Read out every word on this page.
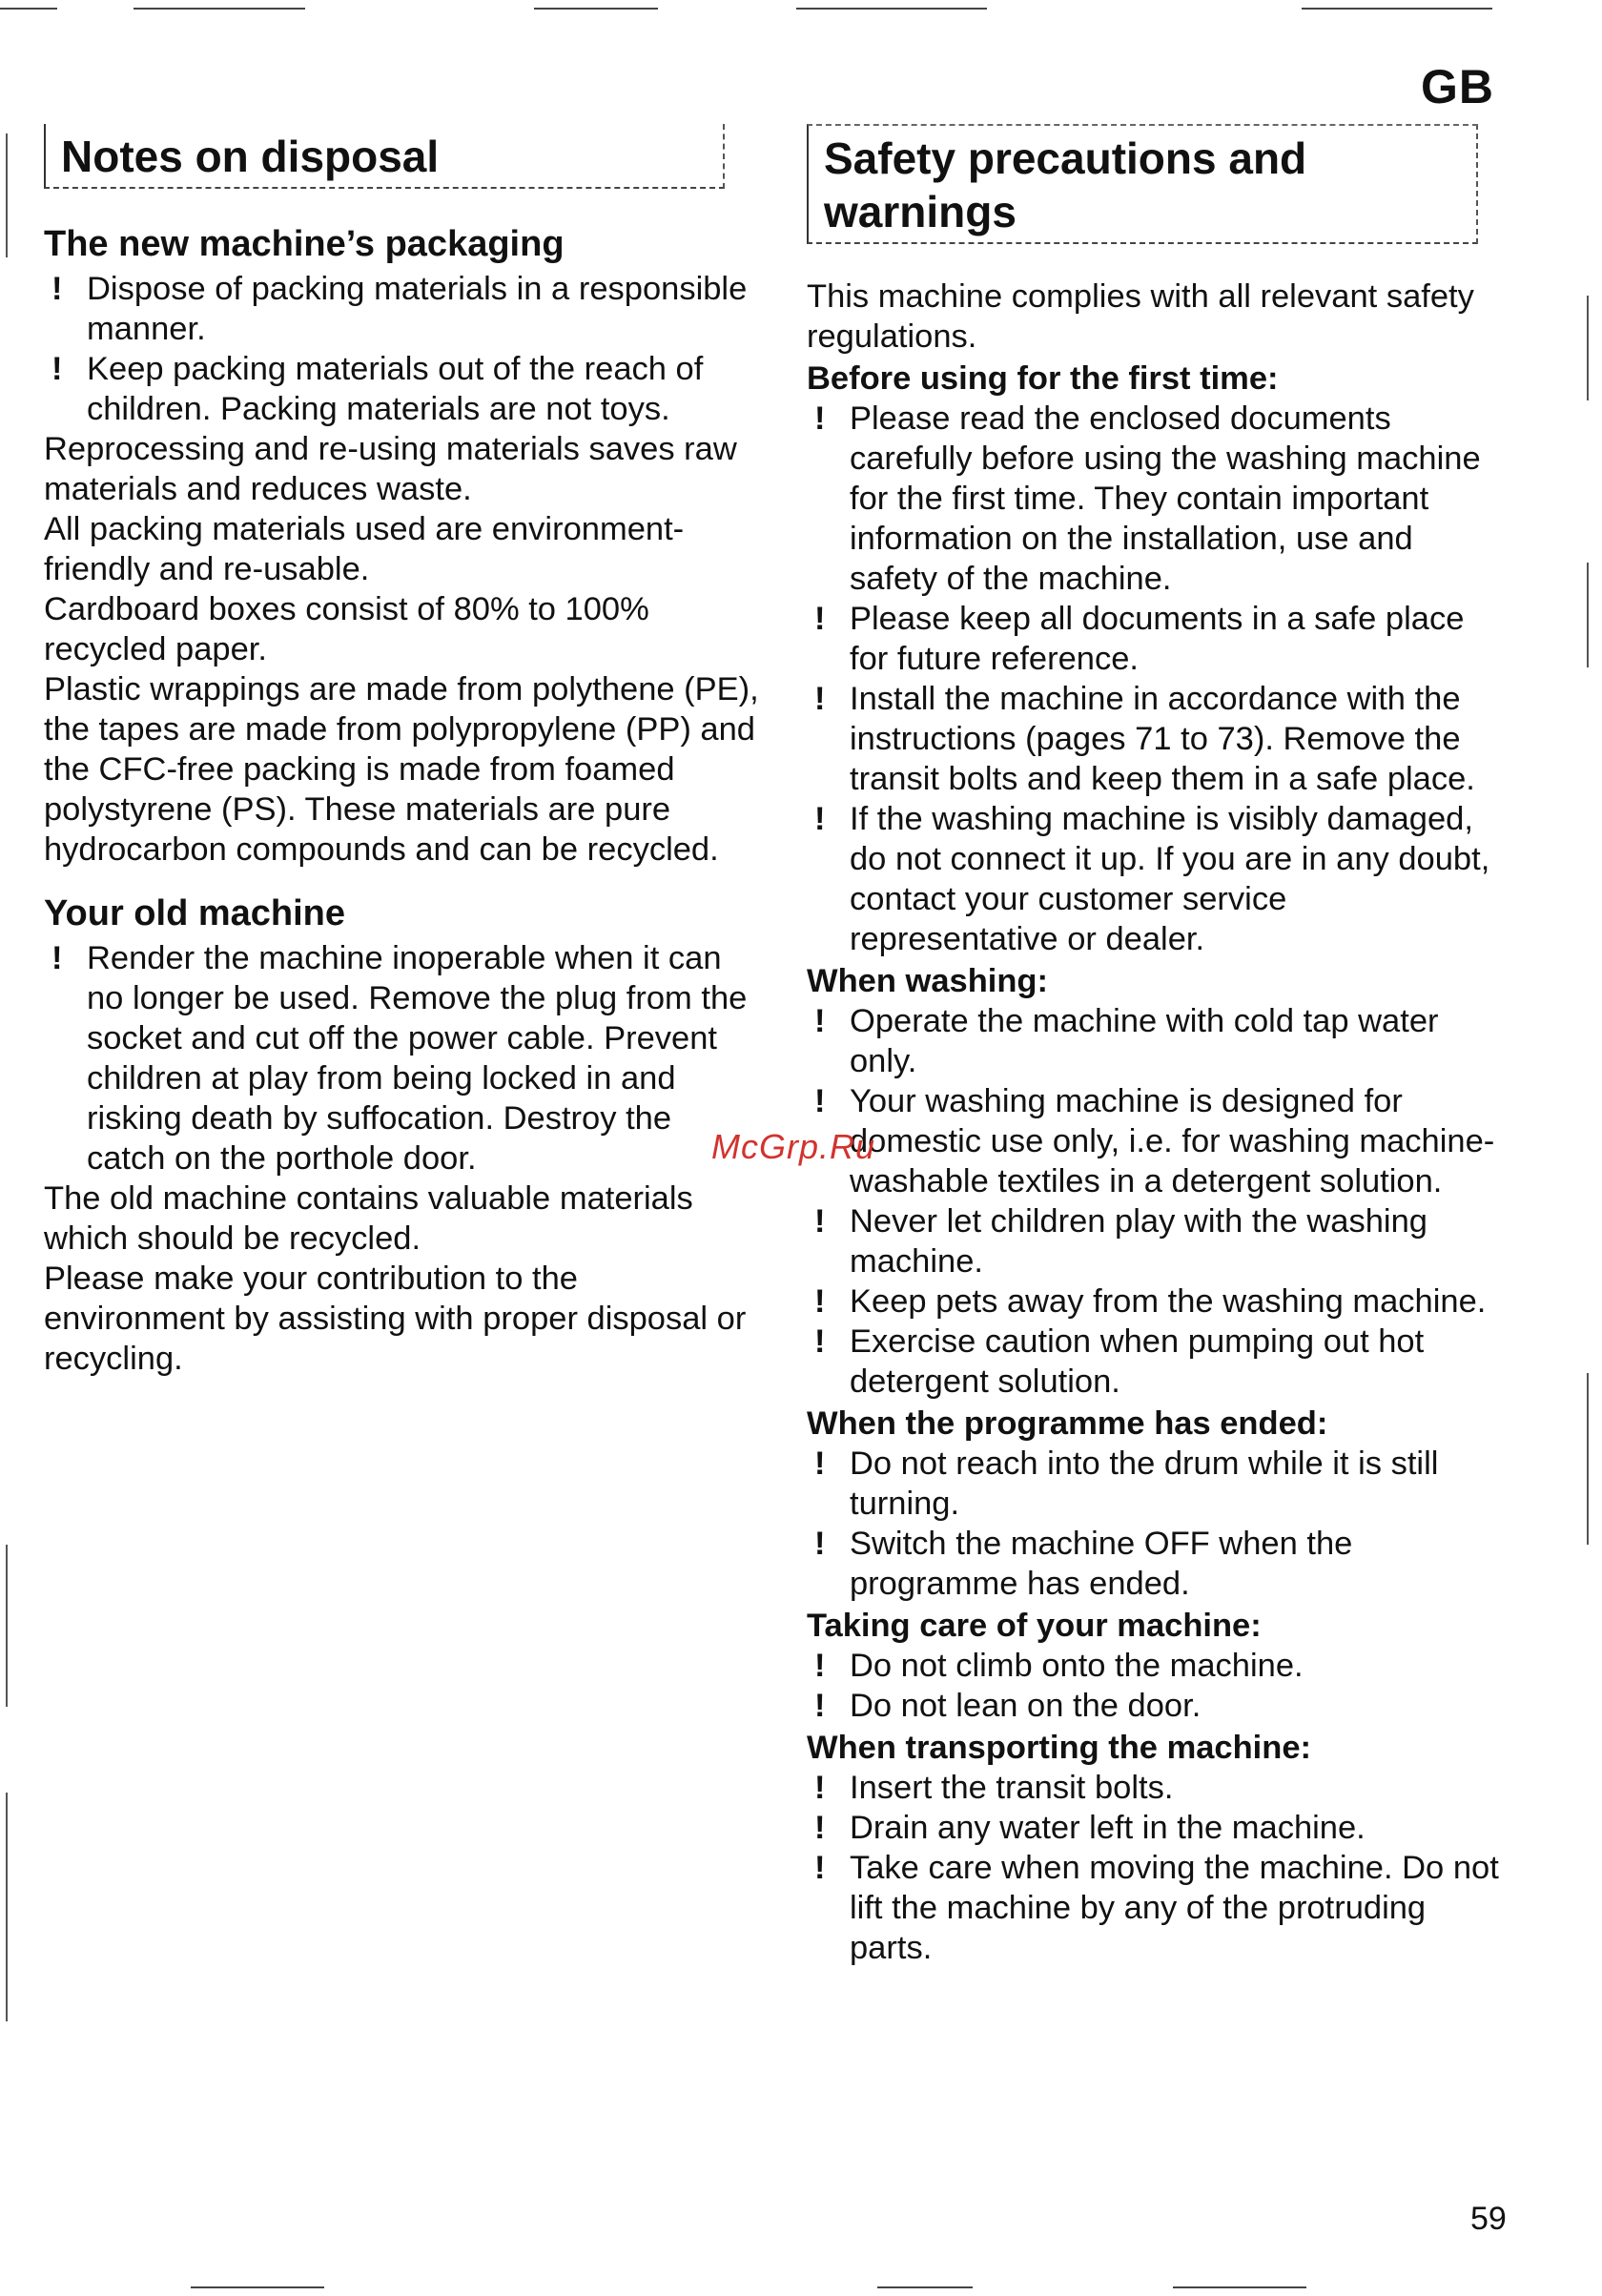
GB
Notes on disposal
The new machine’s packaging
! Dispose of packing materials in a responsible manner.
! Keep packing materials out of the reach of children. Packing materials are not toys.

Reprocessing and re-using materials saves raw materials and reduces waste.

All packing materials used are environment-friendly and re-usable.

Cardboard boxes consist of 80% to 100% recycled paper.

Plastic wrappings are made from polythene (PE), the tapes are made from polypropylene (PP) and the CFC-free packing is made from foamed polystyrene (PS). These materials are pure hydrocarbon compounds and can be recycled.

Your old machine
! Render the machine inoperable when it can no longer be used. Remove the plug from the socket and cut off the power cable. Prevent children at play from being locked in and risking death by suffocation. Destroy the catch on the porthole door.

The old machine contains valuable materials which should be recycled.

Please make your contribution to the environment by assisting with proper disposal or recycling.

Safety precautions and warnings

This machine complies with all relevant safety regulations.

Before using for the first time:
! Please read the enclosed documents carefully before using the washing machine for the first time. They contain important information on the installation, use and safety of the machine.
! Please keep all documents in a safe place for future reference.
! Install the machine in accordance with the instructions (pages 71 to 73). Remove the transit bolts and keep them in a safe place.
! If the washing machine is visibly damaged, do not connect it up. If you are in any doubt, contact your customer service representative or dealer.
When washing:
! Operate the machine with cold tap water only.
! Your washing machine is designed for domestic use only, i.e. for washing machine-washable textiles in a detergent solution.
! Never let children play with the washing machine.
! Keep pets away from the washing machine.
! Exercise caution when pumping out hot detergent solution.
When the programme has ended:
! Do not reach into the drum while it is still turning.
! Switch the machine OFF when the programme has ended.
Taking care of your machine:
! Do not climb onto the machine.
! Do not lean on the door.
When transporting the machine:
! Insert the transit bolts.
! Drain any water left in the machine.
! Take care when moving the machine. Do not lift the machine by any of the protruding parts.
McGrp.Ru
59
